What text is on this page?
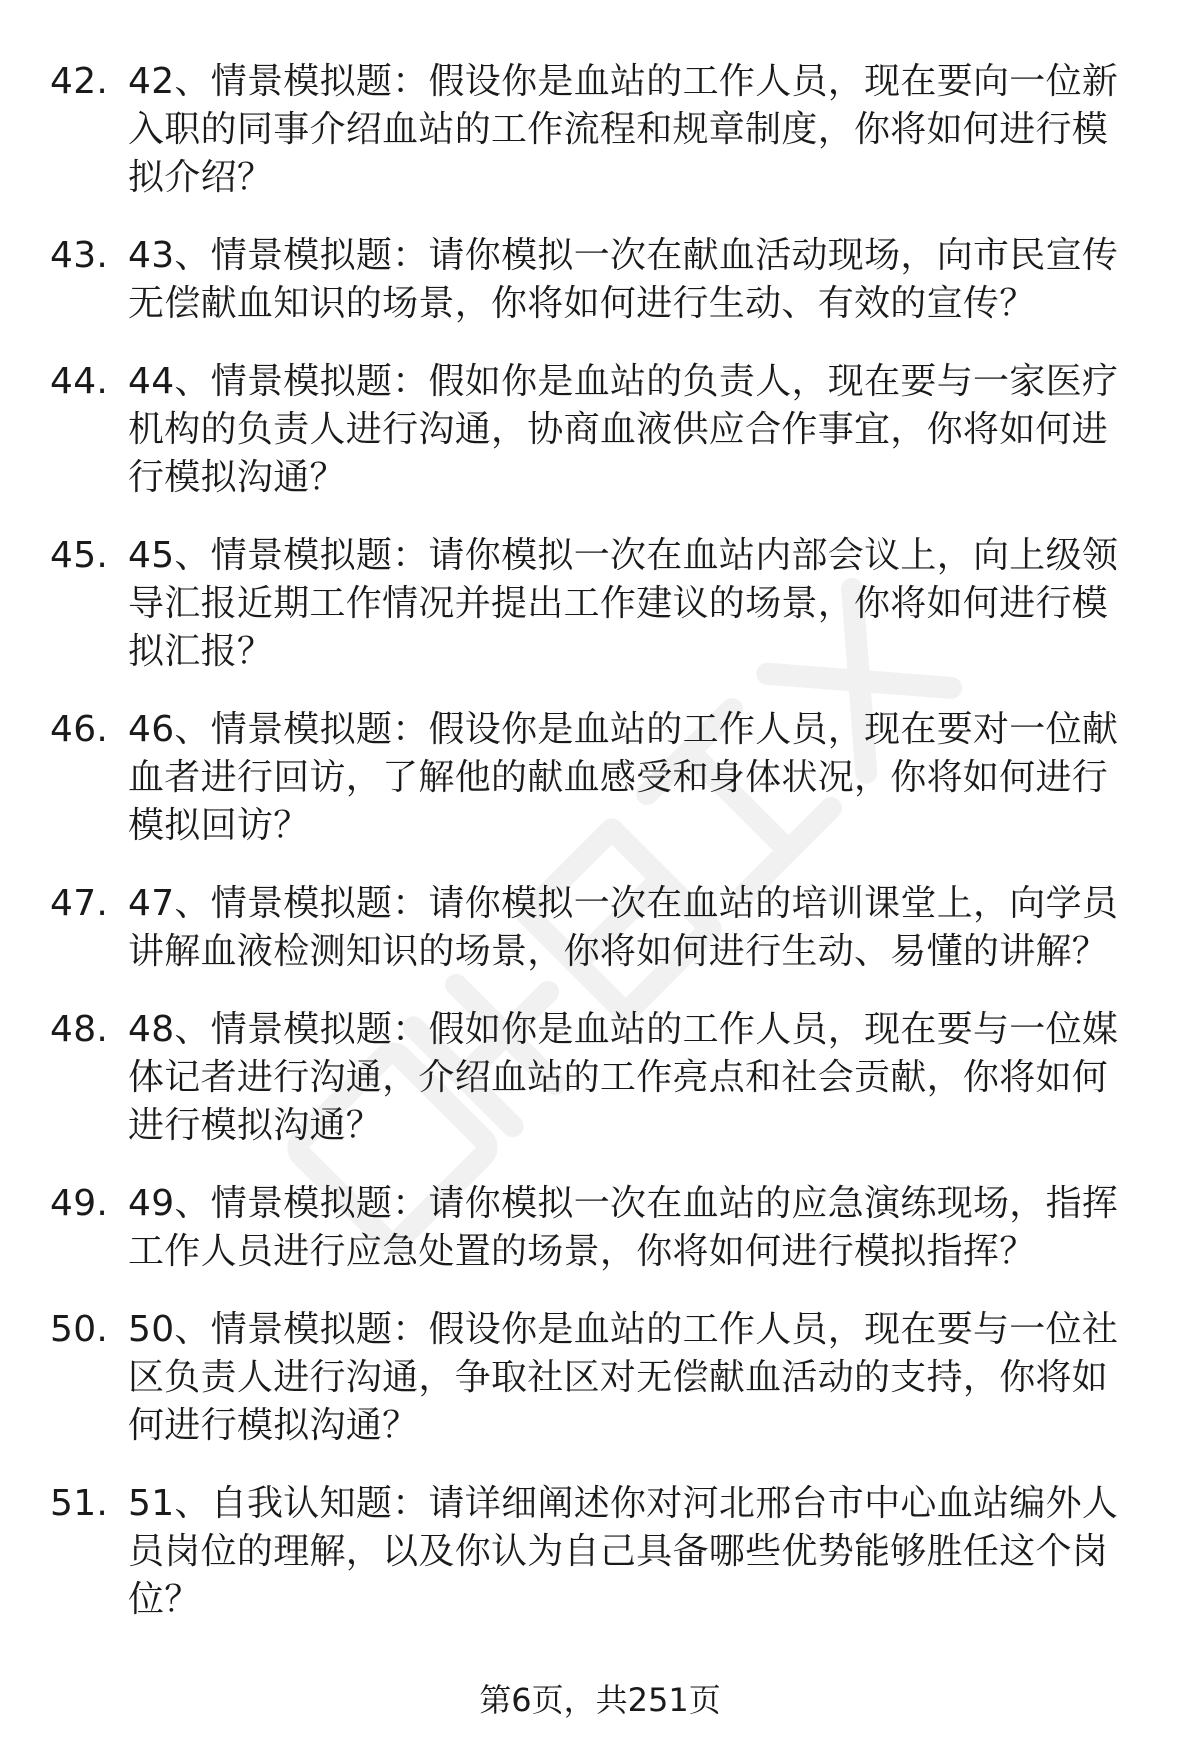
42. 42、情景模拟题：假设你是血站的工作人员，现在要向一位新入职的同事介绍血站的工作流程和规章制度，你将如何进行模拟介绍？
43. 43、情景模拟题：请你模拟一次在献血活动现场，向市民宣传无偿献血知识的场景，你将如何进行生动、有效的宣传？
44. 44、情景模拟题：假如你是血站的负责人，现在要与一家医疗机构的负责人进行沟通，协商血液供应合作事宜，你将如何进行模拟沟通？
45. 45、情景模拟题：请你模拟一次在血站内部会议上，向上级领导汇报近期工作情况并提出工作建议的场景，你将如何进行模拟汇报？
46. 46、情景模拟题：假设你是血站的工作人员，现在要对一位献血者进行回访，了解他的献血感受和身体状况，你将如何进行模拟回访？
47. 47、情景模拟题：请你模拟一次在血站的培训课堂上，向学员讲解血液检测知识的场景，你将如何进行生动、易懂的讲解？
48. 48、情景模拟题：假如你是血站的工作人员，现在要与一位媒体记者进行沟通，介绍血站的工作亮点和社会贡献，你将如何进行模拟沟通？
49. 49、情景模拟题：请你模拟一次在血站的应急演练现场，指挥工作人员进行应急处置的场景，你将如何进行模拟指挥？
50. 50、情景模拟题：假设你是血站的工作人员，现在要与一位社区负责人进行沟通，争取社区对无偿献血活动的支持，你将如何进行模拟沟通？
51. 51、自我认知题：请详细阐述你对河北邢台市中心血站编外人员岗位的理解，以及你认为自己具备哪些优势能够胜任这个岗位？
第6页，共251页
